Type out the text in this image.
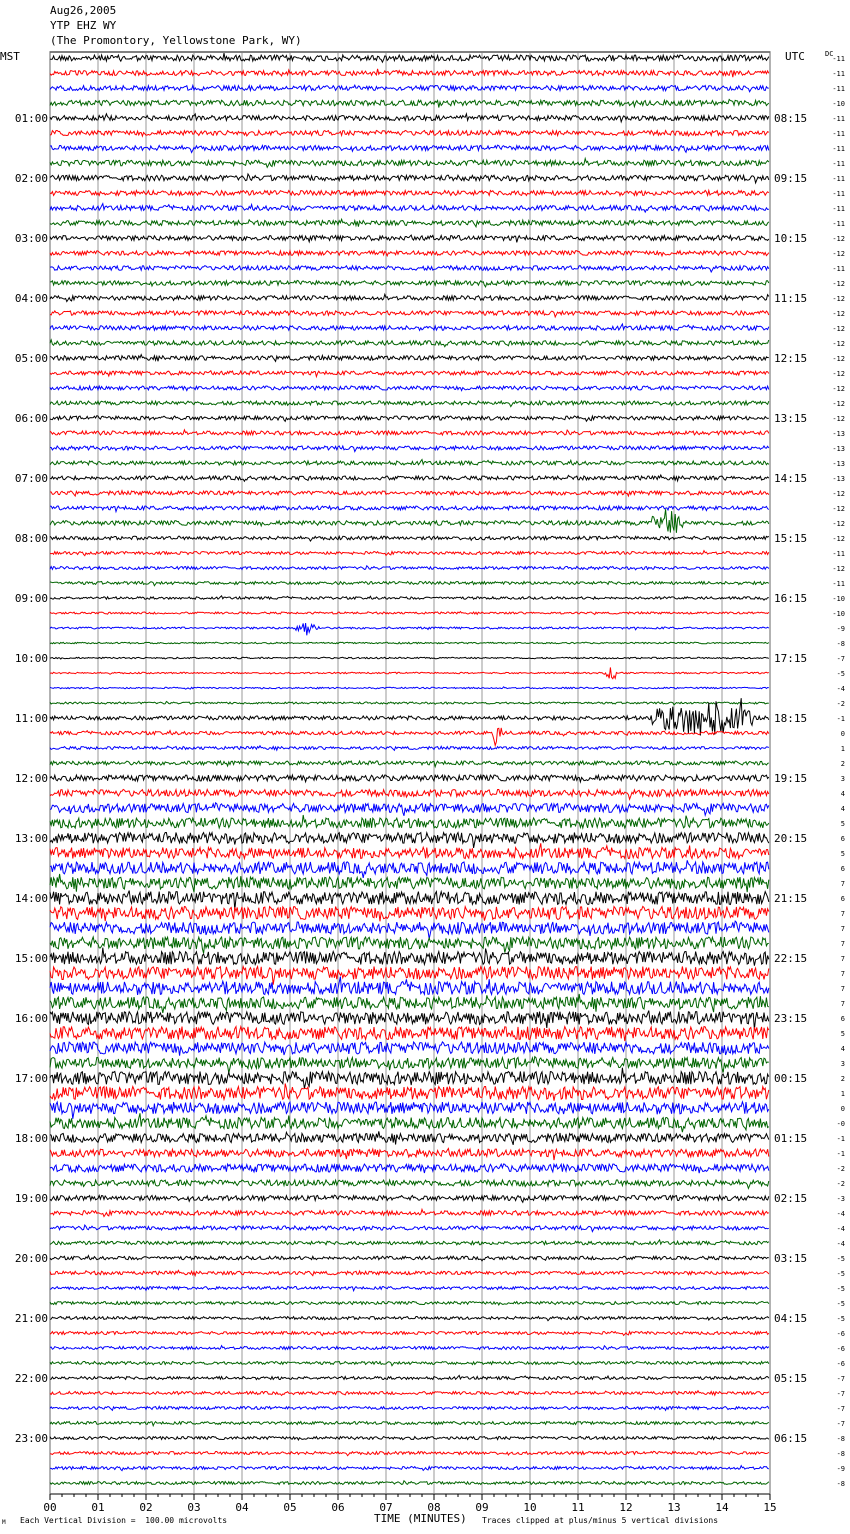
Aug26,2005
YTP EHZ WY
(The Promontory, Yellowstone Park, WY)
MST	UTC	DC
00	01	02	03	04	05	06	07	08	09	10	11	12	13	14	15
-11
-11
-11
-10
-11
01:00	08:15
-11
-11
-11
-11
02:00	09:15
-11
-11
-11
-12
03:00	10:15
-12
-11
-12
-12
04:00	11:15
-12
-12
-12
-12
05:00	12:15
-12
-12
-12
-12
06:00	13:15
-13
-13
-13
-13
07:00	14:15
-12
-12
-12
-12
08:00	15:15
-11
-12
-11
-10
09:00	16:15
-10
-9
-8
-7
10:00	17:15
-5
-4
-2
-1
11:00	18:15
0
1
2
3
12:00	19:15
4
4
5
6
13:00	20:15
5
6
7
6
14:00	21:15
7
7
7
7
15:00	22:15
7
7
7
6
16:00	23:15
5
4
3
2
17:00	00:15
1
0
-0
-1
18:00	01:15
-1
-2
-2
-3
19:00	02:15
-4
-4
-4
-5
20:00	03:15
-5
-5
-5
-5
21:00	04:15
-6
-6
-6
-7
22:00	05:15
-7
-7
-7
-8
23:00	06:15
-8
-9
-8
TIME (MINUTES)
M Each Vertical Division =  100.00 microvolts	Traces clipped at plus/minus 5 vertical divisions
